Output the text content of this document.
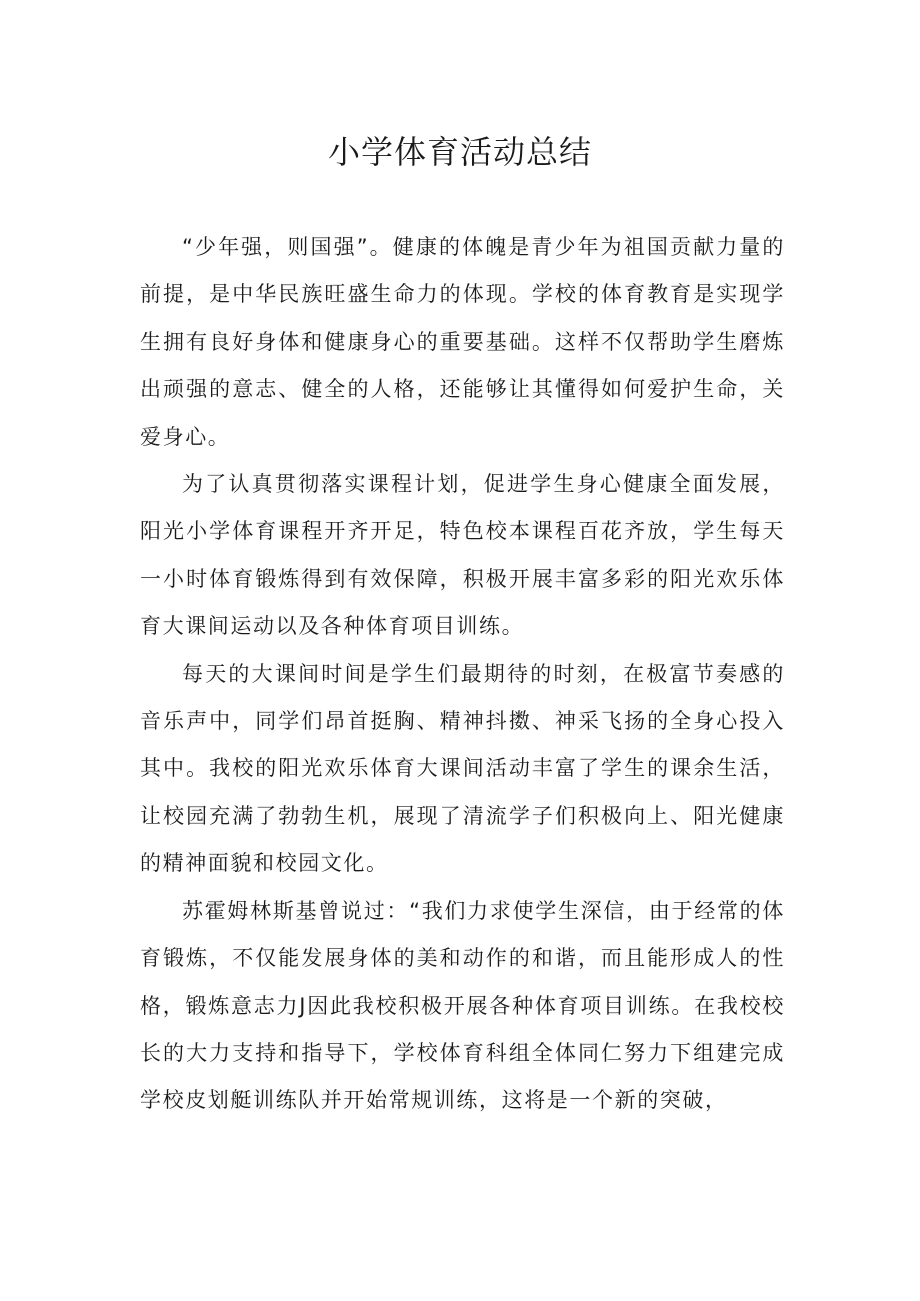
小学体育活动总结

“少年强，则国强”。健康的体魄是青少年为祖国贡献力量的前提，是中华民族旺盛生命力的体现。学校的体育教育是实现学生拥有良好身体和健康身心的重要基础。这样不仅帮助学生磨炼出顽强的意志、健全的人格，还能够让其懂得如何爱护生命，关爱身心。

为了认真贯彻落实课程计划，促进学生身心健康全面发展，阳光小学体育课程开齐开足，特色校本课程百花齐放，学生每天一小时体育锻炼得到有效保障，积极开展丰富多彩的阳光欢乐体育大课间运动以及各种体育项目训练。

每天的大课间时间是学生们最期待的时刻，在极富节奏感的音乐声中，同学们昂首挺胸、精神抖擞、神采飞扬的全身心投入其中。我校的阳光欢乐体育大课间活动丰富了学生的课余生活，让校园充满了勃勃生机，展现了清流学子们积极向上、阳光健康的精神面貌和校园文化。

苏霍姆林斯基曾说过：“我们力求使学生深信，由于经常的体育锻炼，不仅能发展身体的美和动作的和谐，而且能形成人的性格，锻炼意志力J因此我校积极开展各种体育项目训练。在我校校长的大力支持和指导下，学校体育科组全体同仁努力下组建完成学校皮划艇训练队并开始常规训练，这将是一个新的突破，
